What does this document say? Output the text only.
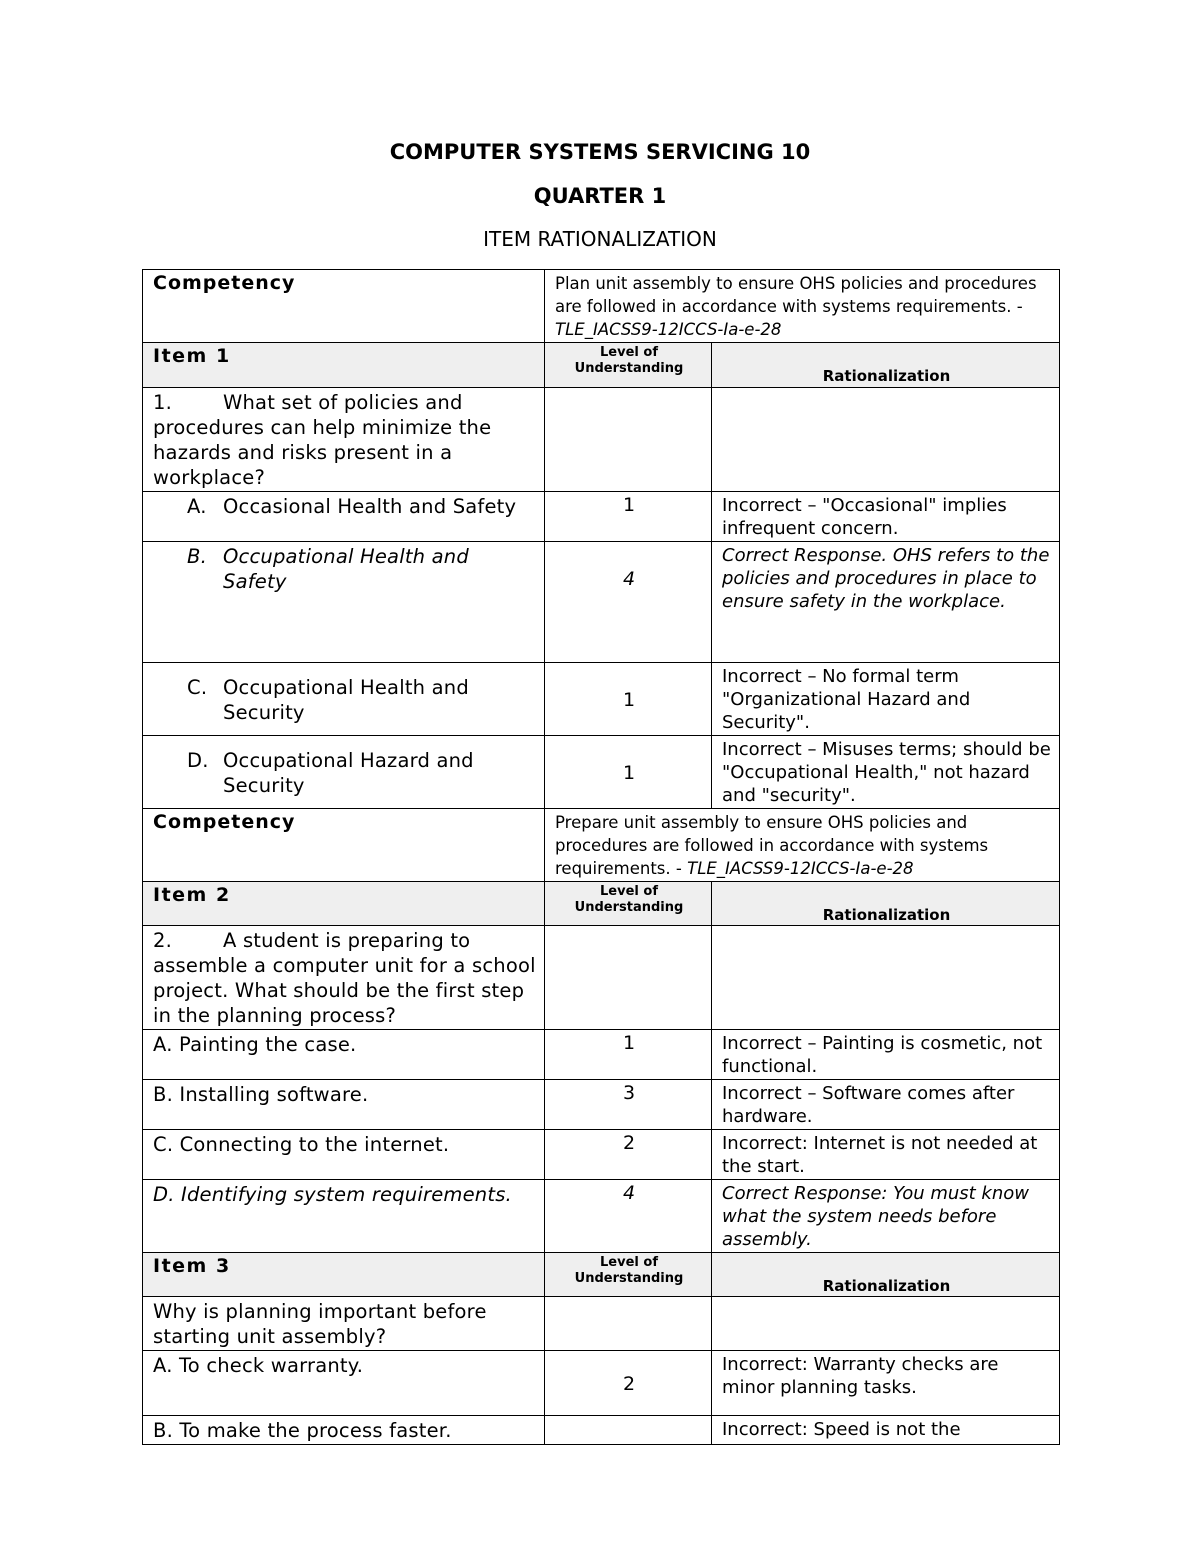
COMPUTER SYSTEMS SERVICING 10
QUARTER 1
ITEM RATIONALIZATION
Competency	Plan unit assembly to ensure OHS policies and procedures are followed in accordance with systems requirements. - TLE_IACSS9-12ICCS-Ia-e-28	
Item 1	Level of Understanding	Rationalization
1. What set of policies and procedures can help minimize the hazards and risks present in a workplace?		

A. Occasional Health and Safety	1	Incorrect – "Occasional" implies infrequent concern.

B. Occupational Health and Safety	4	Correct Response. OHS refers to the policies and procedures in place to ensure safety in the workplace.

C. Occupational Health and Security	1	Incorrect – No formal term "Organizational Hazard and Security".

D. Occupational Hazard and Security	1	Incorrect – Misuses terms; should be "Occupational Health," not hazard and "security".
Competency	Prepare unit assembly to ensure OHS policies and procedures are followed in accordance with systems requirements. - TLE_IACSS9-12ICCS-Ia-e-28	
Item 2	Level of Understanding	Rationalization
2. A student is preparing to assemble a computer unit for a school project. What should be the first step in the planning process?		
A. Painting the case.	1	Incorrect – Painting is cosmetic, not functional.
B. Installing software.	3	Incorrect – Software comes after hardware.
C. Connecting to the internet.	2	Incorrect: Internet is not needed at the start.
D. Identifying system requirements.	4	Correct Response: You must know what the system needs before assembly.
Item 3	Level of Understanding	Rationalization
Why is planning important before starting unit assembly?		
A. To check warranty.	2	Incorrect: Warranty checks are minor planning tasks.
B. To make the process faster.		Incorrect: Speed is not the
